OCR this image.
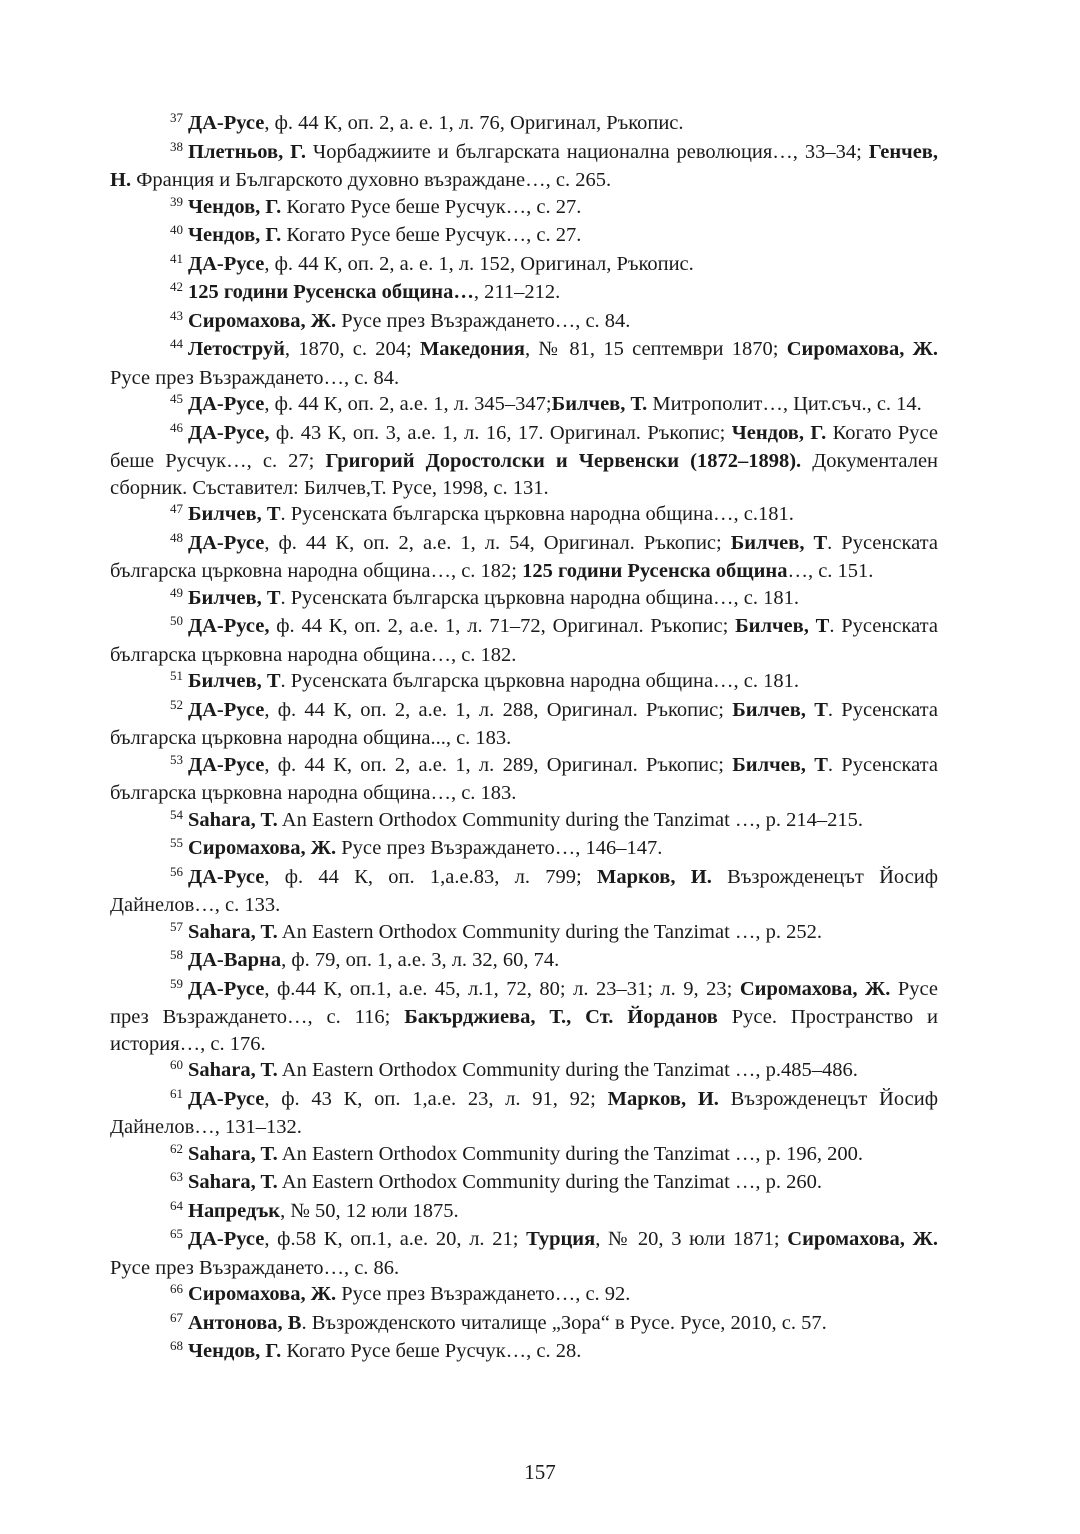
$^{37}$ ДА-Русе, ф. 44 К, оп. 2, а. е. 1, л. 76, Оригинал, Ръкопис.

$^{38}$ Плетньов, Г. Чорбаджиите и българската национална революция…, 33–34; Генчев, Н. Франция и Българското духовно възраждане…, с. 265.

$^{39}$ Чендов, Г. Когато Русе беше Русчук…, с. 27.

$^{40}$ Чендов, Г. Когато Русе беше Русчук…, с. 27.

$^{41}$ ДА-Русе, ф. 44 К, оп. 2, а. е. 1, л. 152, Оригинал, Ръкопис.

$^{42}$ 125 години Русенска община…, 211–212.

$^{43}$ Сиромахова, Ж. Русе през Възраждането…, с. 84.

$^{44}$ Летоструй, 1870, с. 204; Македония, № 81, 15 септември 1870; Сиромахова, Ж. Русе през Възраждането…, с. 84.

$^{45}$ ДА-Русе, ф. 44 К, оп. 2, а.е. 1, л. 345–347;Билчев, Т. Митрополит…, Цит.съч., с. 14.

$^{46}$ ДА-Русе, ф. 43 К, оп. 3, а.е. 1, л. 16, 17. Оригинал. Ръкопис; Чендов, Г. Когато Русе беше Русчук…, с. 27; Григорий Доростолски и Червенски (1872–1898). Документален сборник. Съставител: Билчев,Т. Русе, 1998, с. 131.

$^{47}$ Билчев, Т. Русенската българска църковна народна община…, с.181.

$^{48}$ ДА-Русе, ф. 44 К, оп. 2, а.е. 1, л. 54, Оригинал. Ръкопис; Билчев, Т. Русенската българска църковна народна община…, с. 182; 125 години Русенска община…, с. 151.

$^{49}$ Билчев, Т. Русенската българска църковна народна община…, с. 181.

$^{50}$ ДА-Русе, ф. 44 К, оп. 2, а.е. 1, л. 71–72, Оригинал. Ръкопис; Билчев, Т. Русенската българска църковна народна община…, с. 182.

$^{51}$ Билчев, Т. Русенската българска църковна народна община…, с. 181.

$^{52}$ ДА-Русе, ф. 44 К, оп. 2, а.е. 1, л. 288, Оригинал. Ръкопис; Билчев, Т. Русенската българска църковна народна община..., с. 183.

$^{53}$ ДА-Русе, ф. 44 К, оп. 2, а.е. 1, л. 289, Оригинал. Ръкопис; Билчев, Т. Русенската българска църковна народна община…, с. 183.

$^{54}$ Sahara, T. An Eastern Orthodox Community during the Tanzimat …, p. 214–215.

$^{55}$ Сиромахова, Ж. Русе през Възраждането…, 146–147.

$^{56}$ ДА-Русе, ф. 44 К, оп. 1,а.е.83, л. 799; Марков, И. Възрожденецът Йосиф Дайнелов…, с. 133.

$^{57}$ Sahara, T. An Eastern Orthodox Community during the Tanzimat …, p. 252.

$^{58}$ ДА-Варна, ф. 79, оп. 1, а.е. 3, л. 32, 60, 74.

$^{59}$ ДА-Русе, ф.44 К, оп.1, а.е. 45, л.1, 72, 80; л. 23–31; л. 9, 23; Сиромахова, Ж. Русе през Възраждането…, с. 116; Бакърджиева, Т., Ст. Йорданов Русе. Пространство и история…, с. 176.

$^{60}$ Sahara, T. An Eastern Orthodox Community during the Tanzimat …, p.485–486.

$^{61}$ ДА-Русе, ф. 43 К, оп. 1,а.е. 23, л. 91, 92; Марков, И. Възрожденецът Йосиф Дайнелов…, 131–132.

$^{62}$ Sahara, T. An Eastern Orthodox Community during the Tanzimat …, p. 196, 200.

$^{63}$ Sahara, T. An Eastern Orthodox Community during the Tanzimat …, p. 260.

$^{64}$ Напредък, № 50, 12 юли 1875.

$^{65}$ ДА-Русе, ф.58 К, оп.1, а.е. 20, л. 21; Турция, № 20, 3 юли 1871; Сиромахова, Ж. Русе през Възраждането…, с. 86.

$^{66}$ Сиромахова, Ж. Русе през Възраждането…, с. 92.

$^{67}$ Антонова, В. Възрожденското читалище „Зора“ в Русе. Русе, 2010, с. 57.

$^{68}$ Чендов, Г. Когато Русе беше Русчук…, с. 28.

157
